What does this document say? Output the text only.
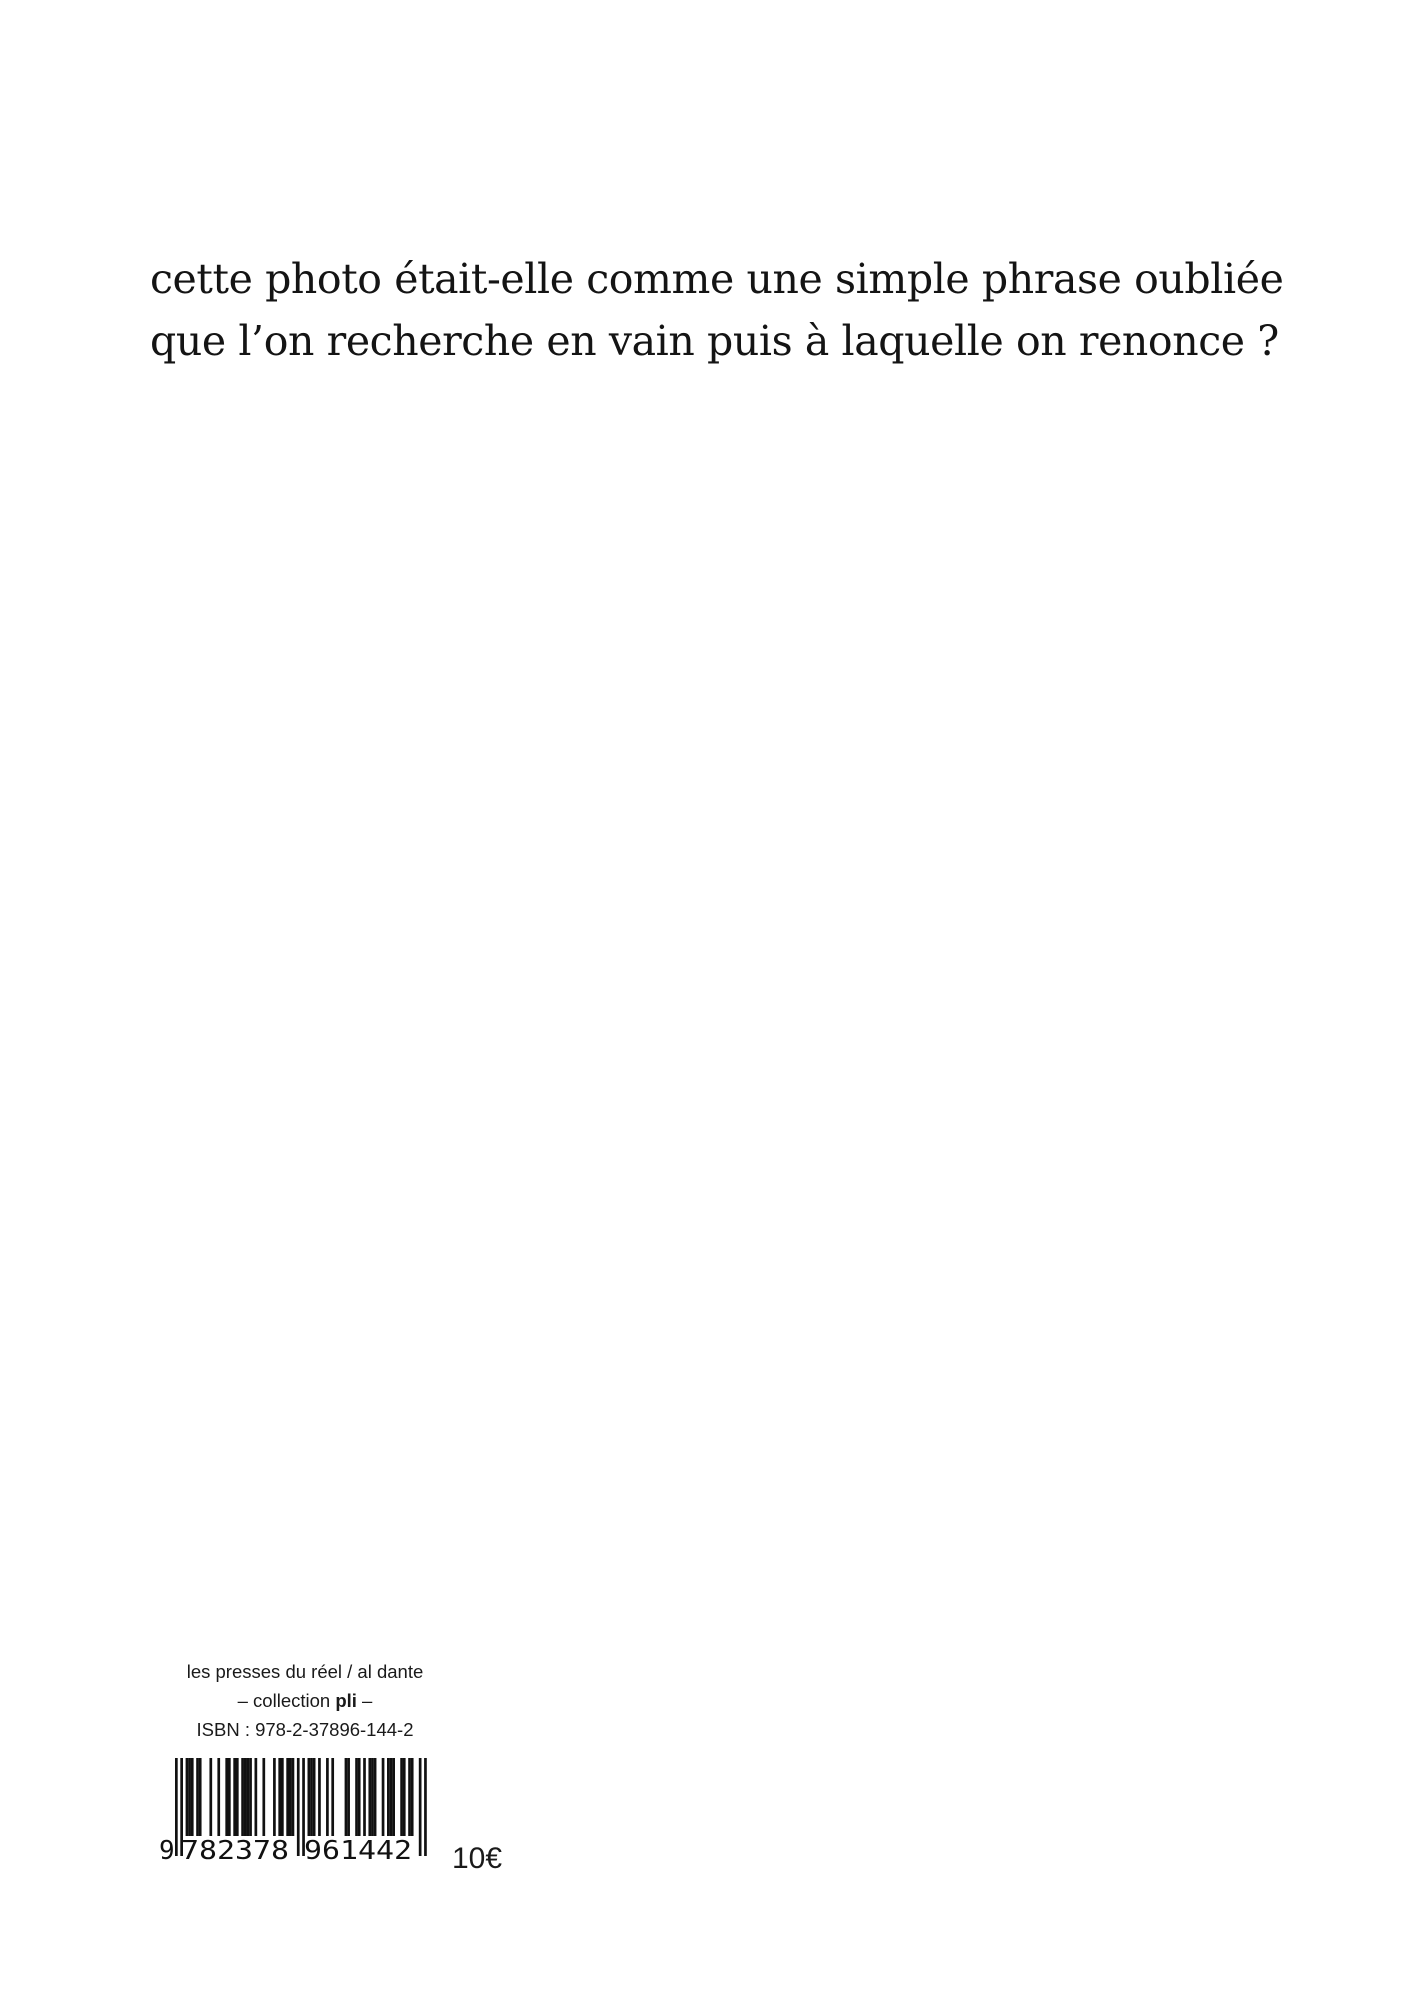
cette photo était-elle comme une simple phrase oubliée
que l’on recherche en vain puis à laquelle on renonce ?
les presses du réel / al dante
– collection pli –
ISBN : 978-2-37896-144-2
9 782378 961442 10€
